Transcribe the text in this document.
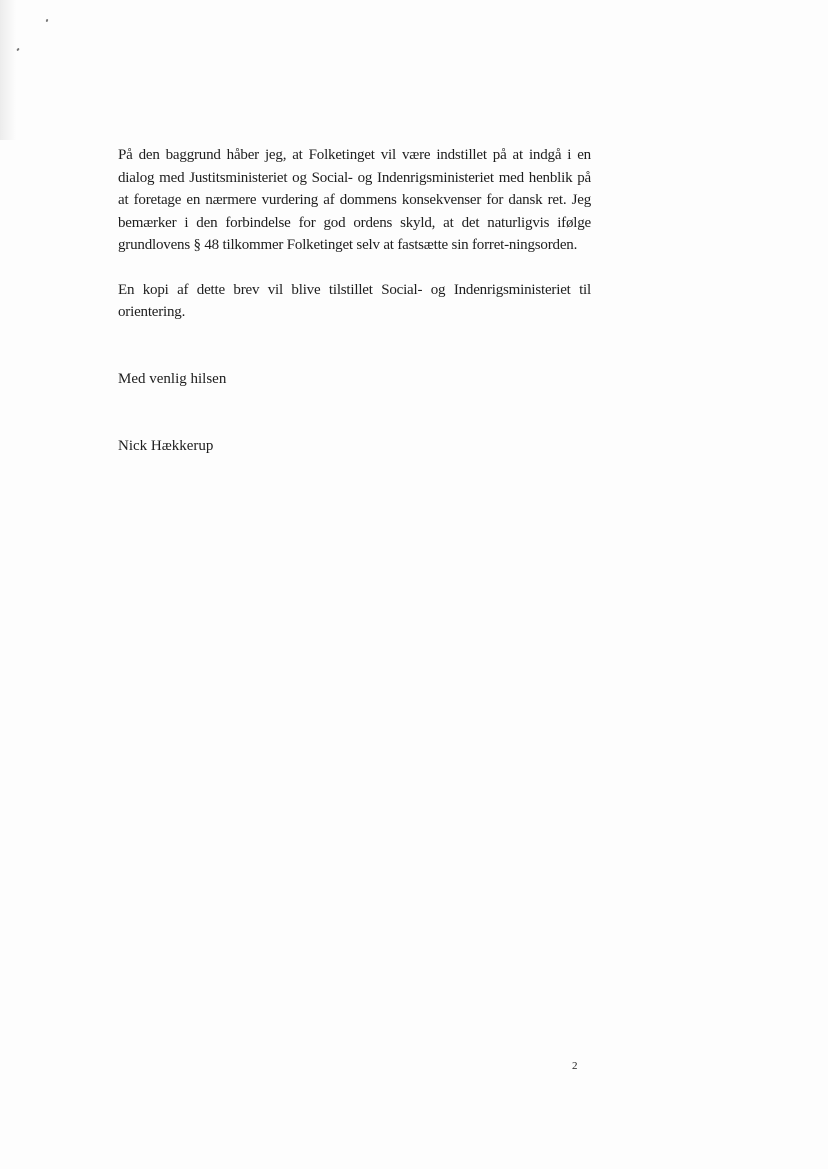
På den baggrund håber jeg, at Folketinget vil være indstillet på at indgå i en dialog med Justitsministeriet og Social- og Indenrigsministeriet med henblik på at foretage en nærmere vurdering af dommens konsekvenser for dansk ret. Jeg bemærker i den forbindelse for god ordens skyld, at det naturligvis ifølge grundlovens § 48 tilkommer Folketinget selv at fastsætte sin forret-ningsorden.

En kopi af dette brev vil blive tilstillet Social- og Indenrigsministeriet til orientering.

Med venlig hilsen

Nick Hækkerup

2
